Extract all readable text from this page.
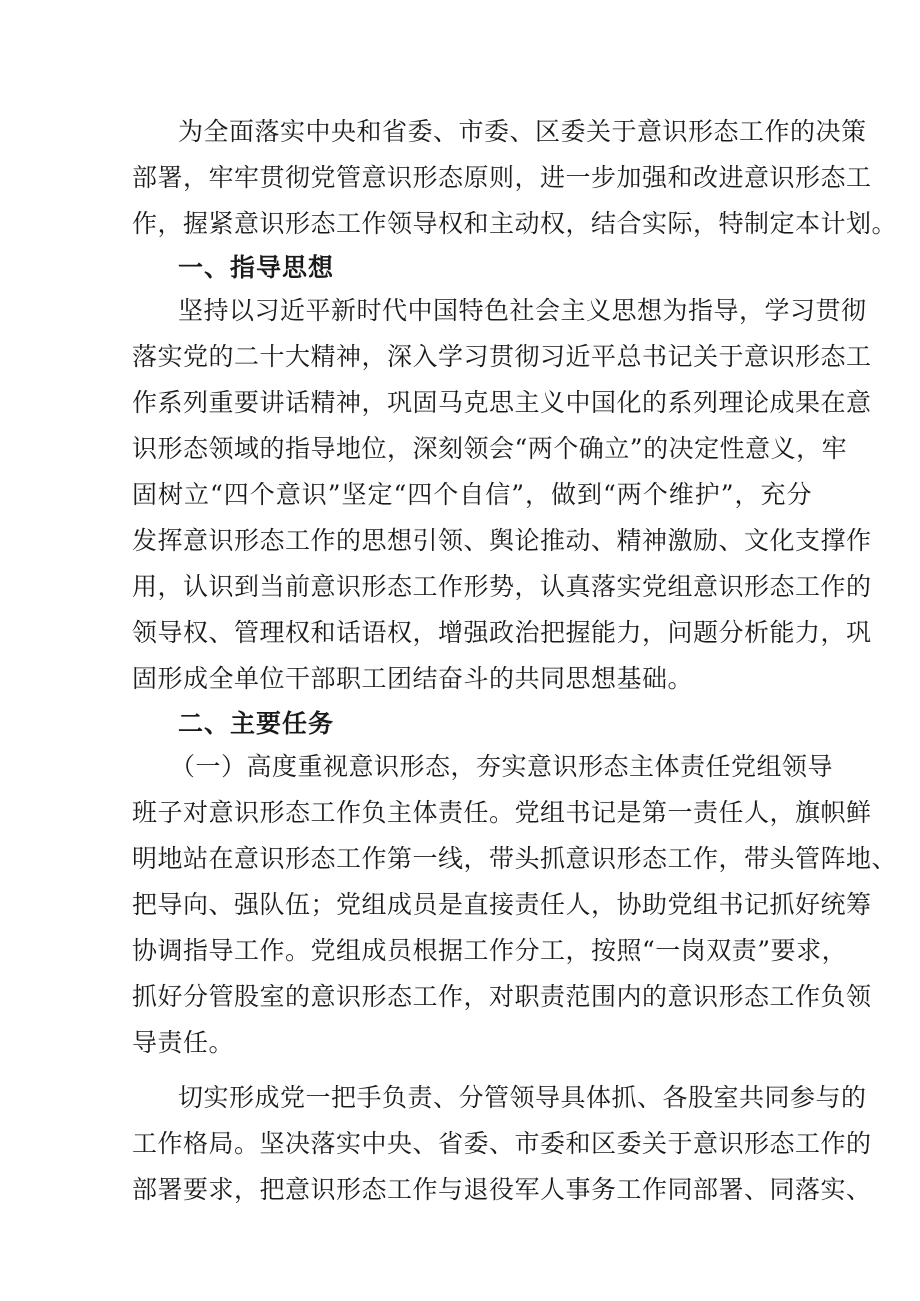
为全面落实中央和省委、市委、区委关于意识形态工作的决策
部署，牢牢贯彻党管意识形态原则，进一步加强和改进意识形态工
作，握紧意识形态工作领导权和主动权，结合实际，特制定本计划。
一、指导思想
坚持以习近平新时代中国特色社会主义思想为指导，学习贯彻
落实党的二十大精神，深入学习贯彻习近平总书记关于意识形态工
作系列重要讲话精神，巩固马克思主义中国化的系列理论成果在意
识形态领域的指导地位，深刻领会“两个确立”的决定性意义，牢
固树立“四个意识”坚定“四个自信”，做到“两个维护”，充分
发挥意识形态工作的思想引领、舆论推动、精神激励、文化支撑作
用，认识到当前意识形态工作形势，认真落实党组意识形态工作的
领导权、管理权和话语权，增强政治把握能力，问题分析能力，巩
固形成全单位干部职工团结奋斗的共同思想基础。
二、主要任务
（一）高度重视意识形态，夯实意识形态主体责任党组领导
班子对意识形态工作负主体责任。党组书记是第一责任人，旗帜鲜
明地站在意识形态工作第一线，带头抓意识形态工作，带头管阵地、
把导向、强队伍；党组成员是直接责任人，协助党组书记抓好统筹
协调指导工作。党组成员根据工作分工，按照“一岗双责”要求，
抓好分管股室的意识形态工作，对职责范围内的意识形态工作负领
导责任。
切实形成党一把手负责、分管领导具体抓、各股室共同参与的
工作格局。坚决落实中央、省委、市委和区委关于意识形态工作的
部署要求，把意识形态工作与退役军人事务工作同部署、同落实、
